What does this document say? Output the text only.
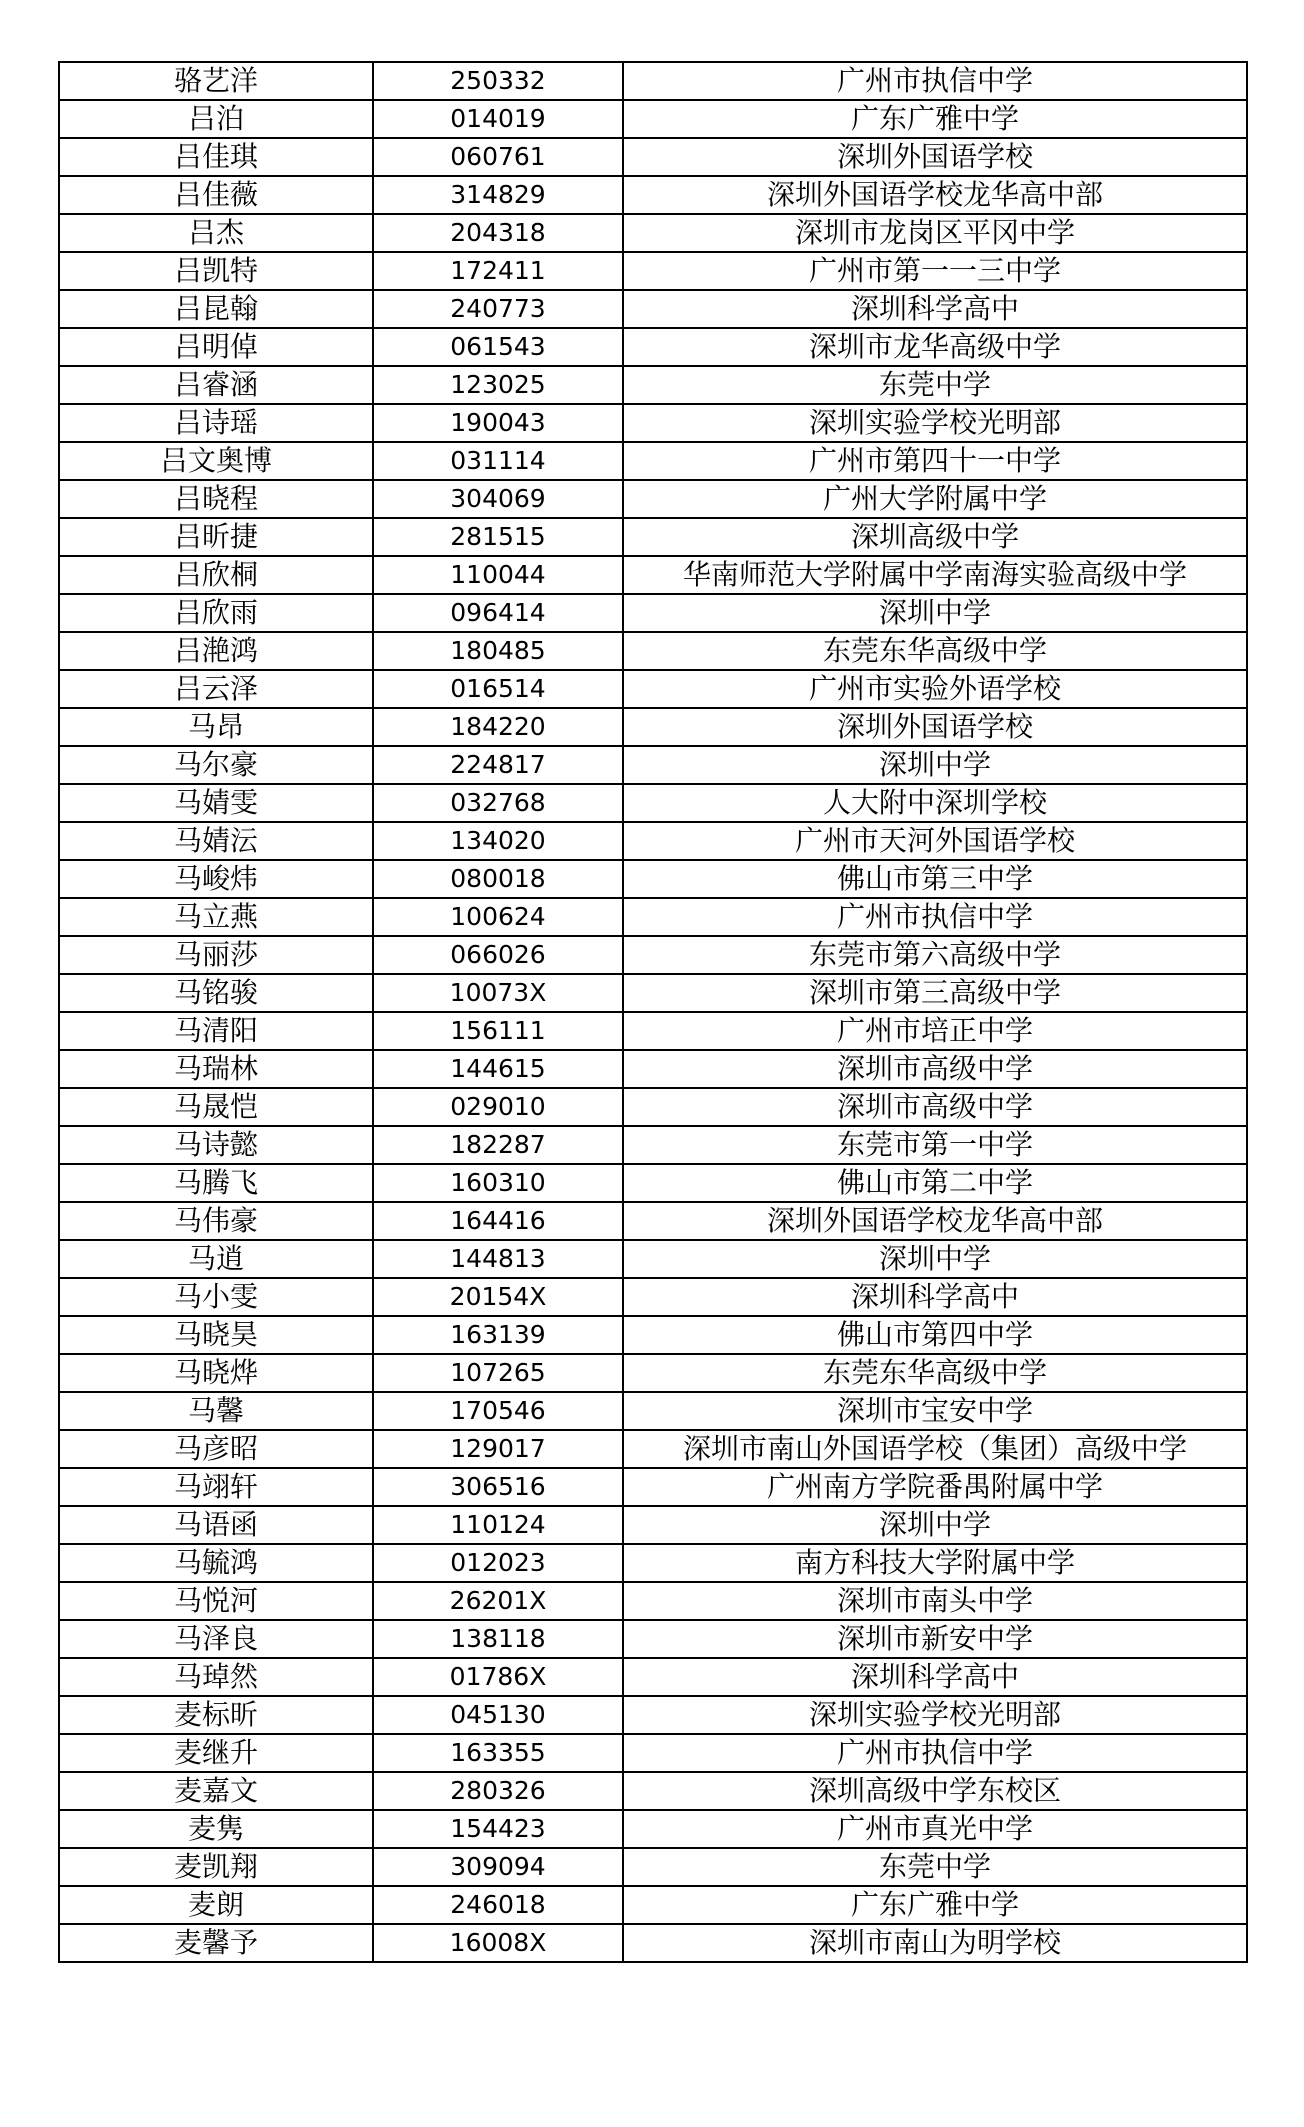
骆艺洋	250332	广州市执信中学
吕泊	014019	广东广雅中学
吕佳琪	060761	深圳外国语学校
吕佳薇	314829	深圳外国语学校龙华高中部
吕杰	204318	深圳市龙岗区平冈中学
吕凯特	172411	广州市第一一三中学
吕昆翰	240773	深圳科学高中
吕明倬	061543	深圳市龙华高级中学
吕睿涵	123025	东莞中学
吕诗瑶	190043	深圳实验学校光明部
吕文奥博	031114	广州市第四十一中学
吕晓程	304069	广州大学附属中学
吕昕捷	281515	深圳高级中学
吕欣桐	110044	华南师范大学附属中学南海实验高级中学
吕欣雨	096414	深圳中学
吕滟鸿	180485	东莞东华高级中学
吕云泽	016514	广州市实验外语学校
马昂	184220	深圳外国语学校
马尔豪	224817	深圳中学
马婧雯	032768	人大附中深圳学校
马婧沄	134020	广州市天河外国语学校
马峻炜	080018	佛山市第三中学
马立燕	100624	广州市执信中学
马丽莎	066026	东莞市第六高级中学
马铭骏	10073X	深圳市第三高级中学
马清阳	156111	广州市培正中学
马瑞林	144615	深圳市高级中学
马晟恺	029010	深圳市高级中学
马诗懿	182287	东莞市第一中学
马腾飞	160310	佛山市第二中学
马伟豪	164416	深圳外国语学校龙华高中部
马逍	144813	深圳中学
马小雯	20154X	深圳科学高中
马晓昊	163139	佛山市第四中学
马晓烨	107265	东莞东华高级中学
马馨	170546	深圳市宝安中学
马彦昭	129017	深圳市南山外国语学校（集团）高级中学
马翊轩	306516	广州南方学院番禺附属中学
马语函	110124	深圳中学
马毓鸿	012023	南方科技大学附属中学
马悦河	26201X	深圳市南头中学
马泽良	138118	深圳市新安中学
马琸然	01786X	深圳科学高中
麦标昕	045130	深圳实验学校光明部
麦继升	163355	广州市执信中学
麦嘉文	280326	深圳高级中学东校区
麦隽	154423	广州市真光中学
麦凯翔	309094	东莞中学
麦朗	246018	广东广雅中学
麦馨予	16008X	深圳市南山为明学校
